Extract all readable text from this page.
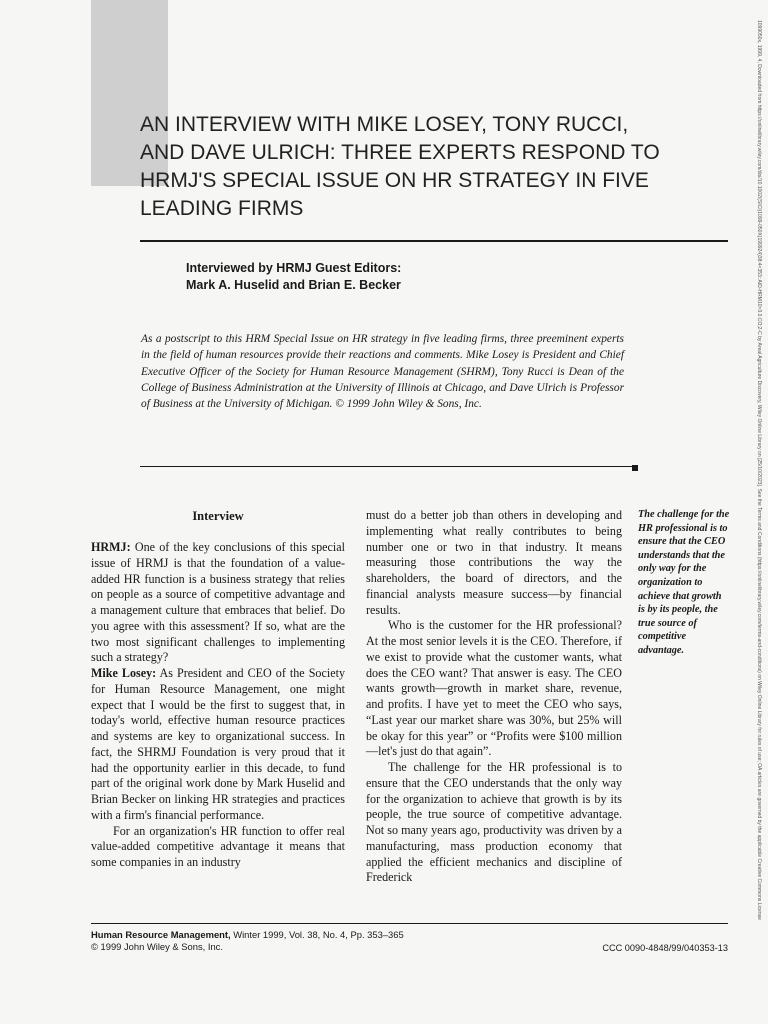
AN INTERVIEW WITH MIKE LOSEY, TONY RUCCI, AND DAVE ULRICH: THREE EXPERTS RESPOND TO HRMJ'S SPECIAL ISSUE ON HR STRATEGY IN FIVE LEADING FIRMS
Interviewed by HRMJ Guest Editors:
Mark A. Huselid and Brian E. Becker

As a postscript to this HRM Special Issue on HR strategy in five leading firms, three preeminent experts in the field of human resources provide their reactions and comments. Mike Losey is President and Chief Executive Officer of the Society for Human Resource Management (SHRM), Tony Rucci is Dean of the College of Business Administration at the University of Illinois at Chicago, and Dave Ulrich is Professor of Business at the University of Michigan. © 1999 John Wiley & Sons, Inc.

Interview

HRMJ: One of the key conclusions of this special issue of HRMJ is that the foundation of a value-added HR function is a business strategy that relies on people as a source of competitive advantage and a management culture that embraces that belief. Do you agree with this assessment? If so, what are the two most significant challenges to implementing such a strategy?

Mike Losey: As President and CEO of the Society for Human Resource Management, one might expect that I would be the first to suggest that, in today's world, effective human resource practices and systems are key to organizational success. In fact, the SHRMJ Foundation is very proud that it had the opportunity earlier in this decade, to fund part of the original work done by Mark Huselid and Brian Becker on linking HR strategies and practices with a firm's financial performance.

For an organization's HR function to offer real value-added competitive advantage it means that some companies in an industry

must do a better job than others in developing and implementing what really contributes to being number one or two in that industry. It means measuring those contributions the way the shareholders, the board of directors, and the financial analysts measure success—by financial results.

Who is the customer for the HR professional? At the most senior levels it is the CEO. Therefore, if we exist to provide what the customer wants, what does the CEO want? That answer is easy. The CEO wants growth—growth in market share, revenue, and profits. I have yet to meet the CEO who says, “Last year our market share was 30%, but 25% will be okay for this year” or “Profits were $100 million—let's just do that again”.

The challenge for the HR professional is to ensure that the CEO understands that the only way for the organization to achieve that growth is by its people, the true source of competitive advantage. Not so many years ago, productivity was driven by a manufacturing, mass production economy that applied the efficient mechanics and discipline of Frederick

The challenge for the HR professional is to ensure that the CEO understands that the only way for the organization to achieve that growth is by its people, the true source of competitive advantage.

Human Resource Management, Winter 1999, Vol. 38, No. 4, Pp. 353–365
© 1999 John Wiley & Sons, Inc.	CCC 0090-4848/99/040353-13
1099050x, 1999, 4, Downloaded from https://onlinelibrary.wiley.com/doi/10.1002/(SICI)1099-050X(199924)38:4<353::AID-HRM10>3.0.CO;2-C by Areal Agriculture Discovery, Wiley Online Library on [25/10/2023]. See the Terms and Conditions (https://onlinelibrary.wiley.com/terms-and-conditions) on Wiley Online Library for rules of use; OA articles are governed by the applicable Creative Commons License
